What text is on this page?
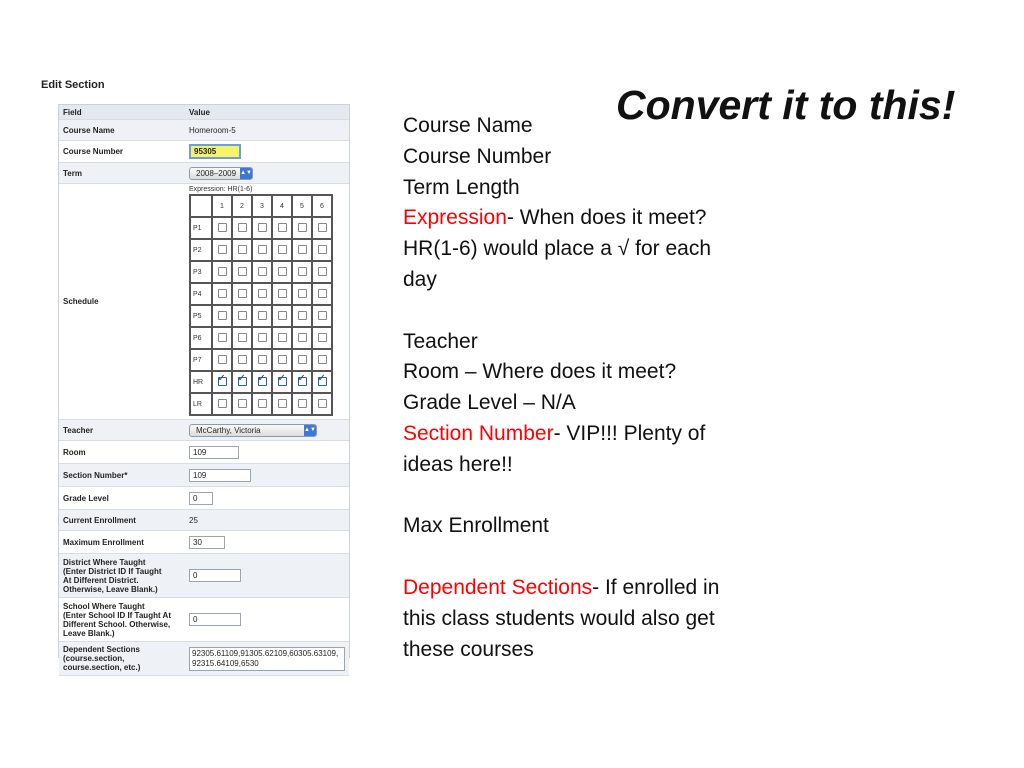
Edit Section
Field	Value
Course Name	Homeroom-5
Course Number	95305
Term	2008–2009 ▲▼

Schedule	
Expression: HR(1-6)
	1	2	3	4	5	6
P1						
P2						
P3						
P4						
P5						
P6						
P7						
HR	✓	✓	✓	✓	✓	✓
LR						

Teacher	McCarthy, Victoria	▲▼

Room	109
Section Number*	109
Grade Level	0
Current Enrollment	25
Maximum Enrollment	30

District Where Taught
(Enter District ID If Taught
At Different District.
Otherwise, Leave Blank.)
	0

School Where Taught
(Enter School ID If Taught At
Different School. Otherwise,
Leave Blank.)
	0

Dependent Sections
(course.section,
course.section, etc.)
	92305.61109,91305.62109,60305.63109,92315.64109,6530
Convert it to this!
Course Name
Course Number
Term Length
Expression- When does it meet?
HR(1-6) would place a √ for each
day
Teacher
Room – Where does it meet?
Grade Level – N/A
Section Number- VIP!!! Plenty of
ideas here!!
Max Enrollment
Dependent Sections- If enrolled in
this class students would also get
these courses
